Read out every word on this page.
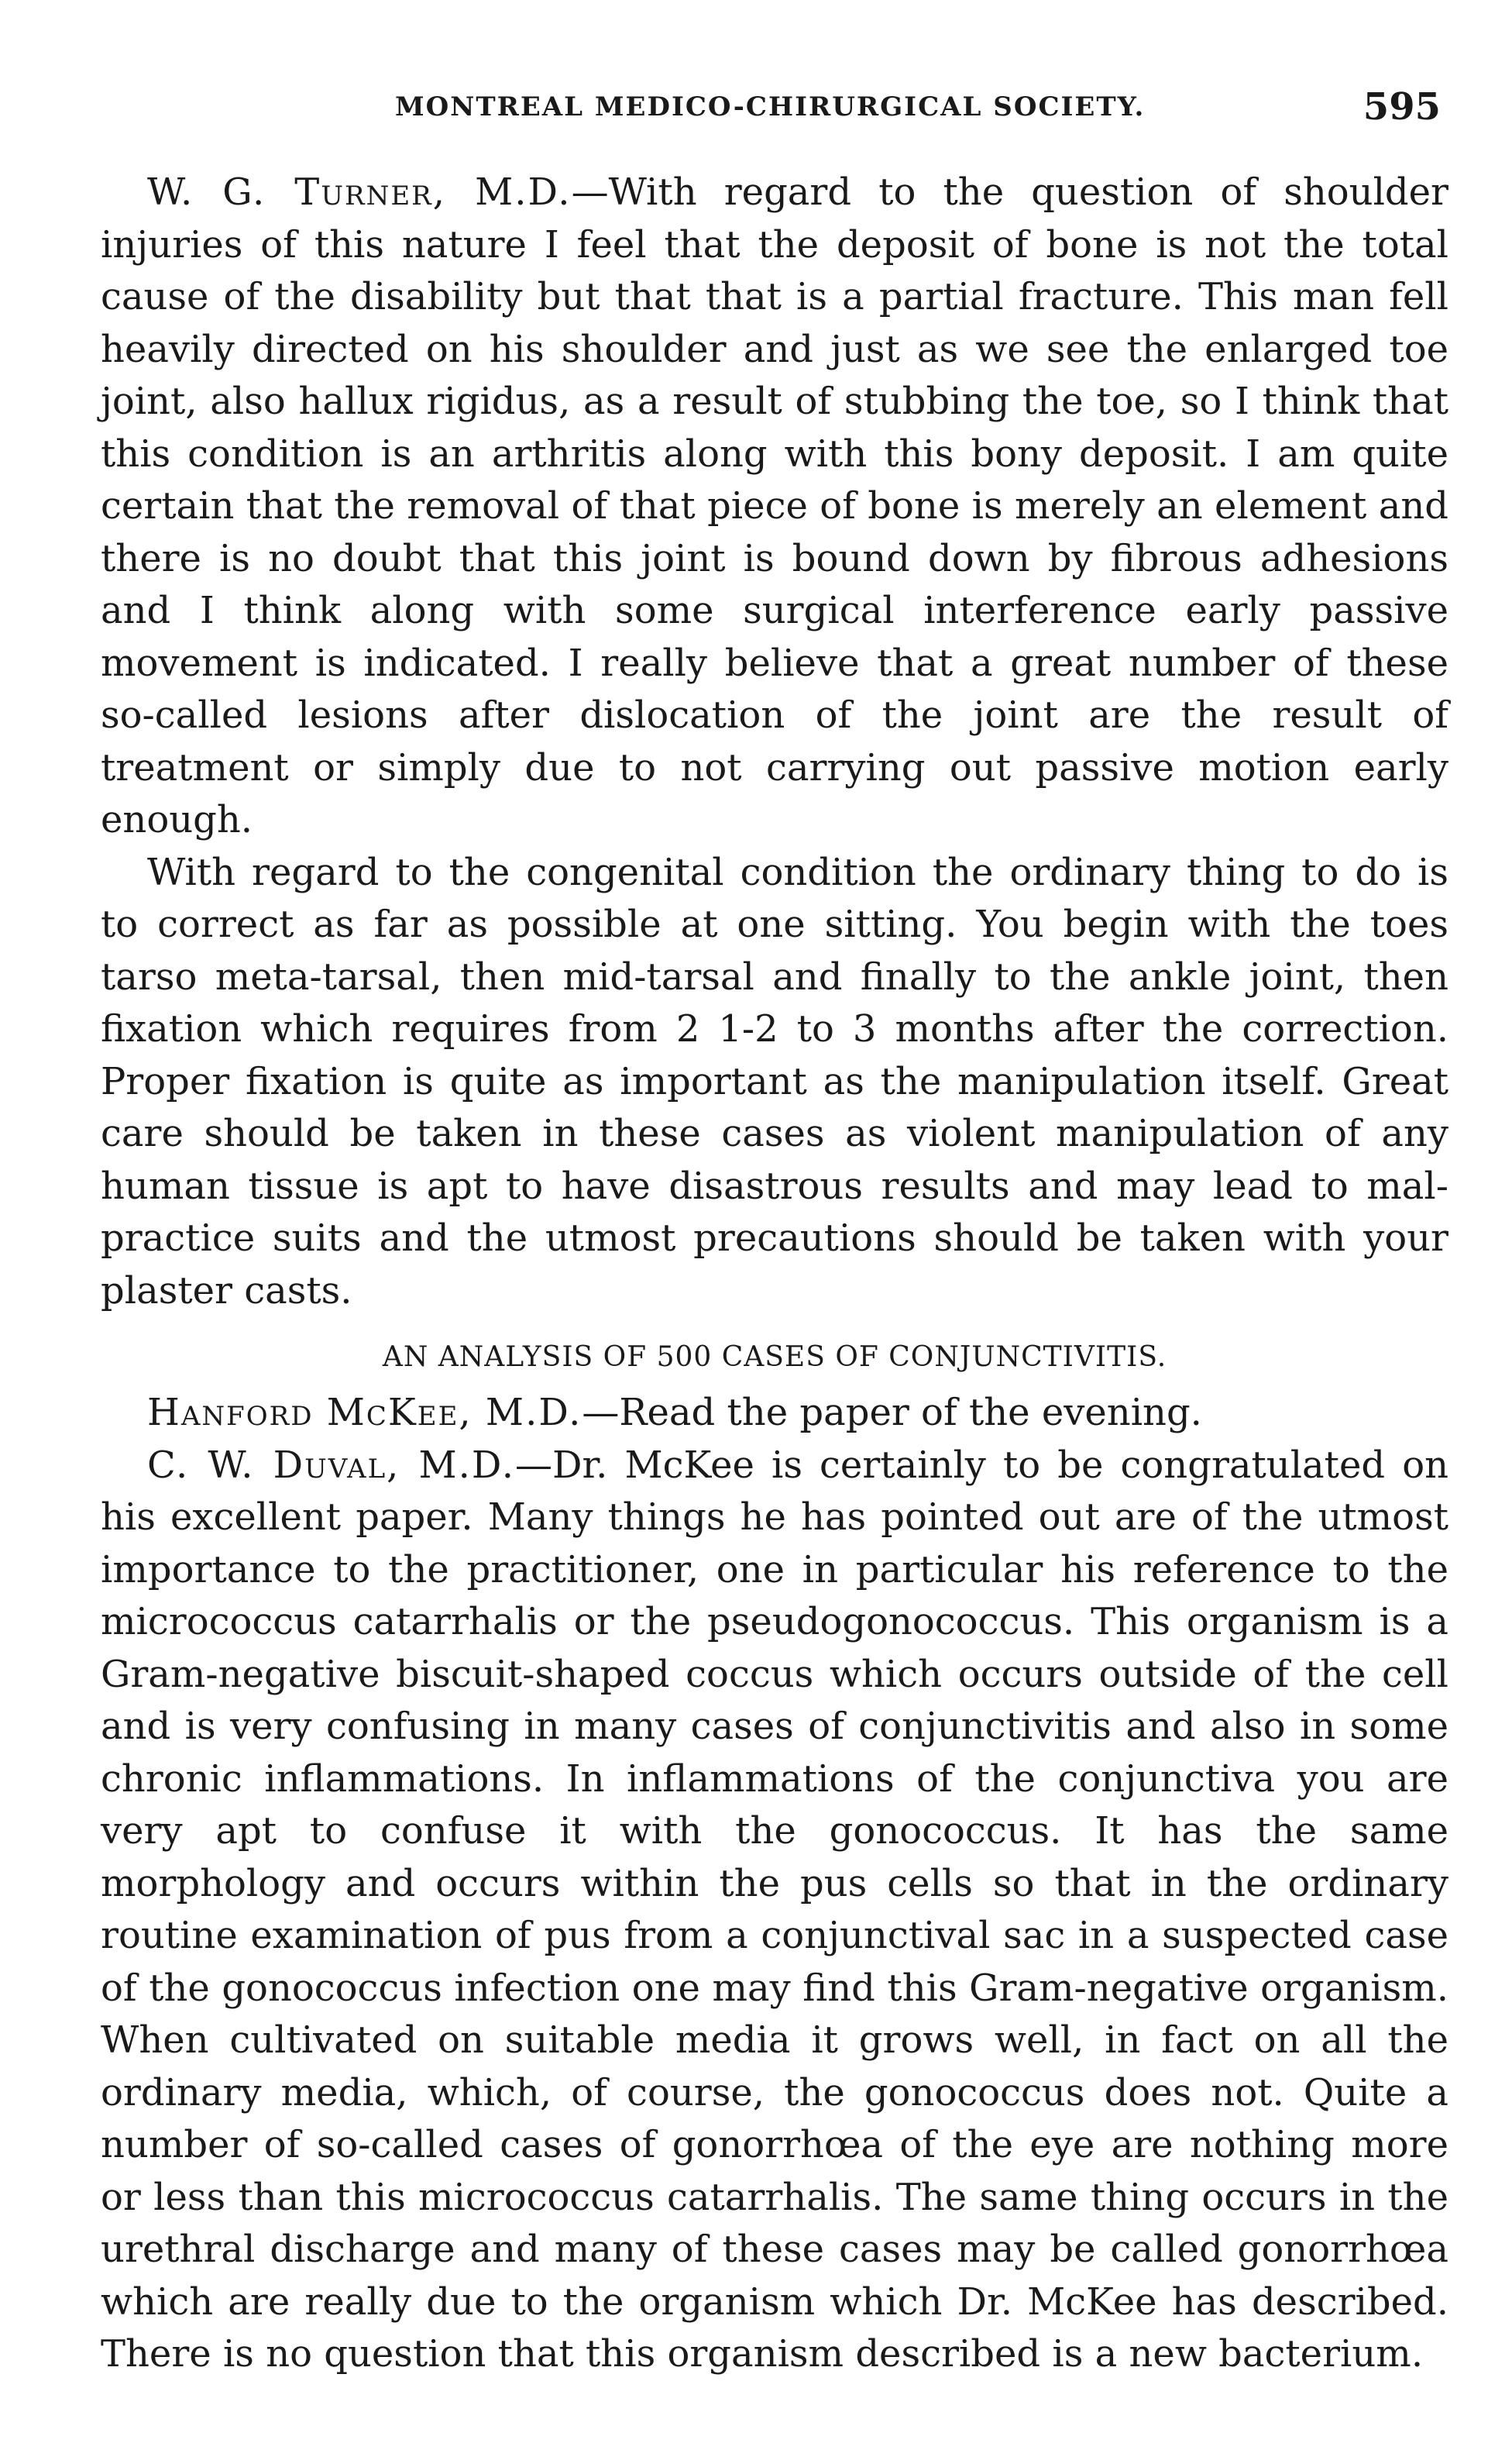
MONTREAL MEDICO-CHIRURGICAL SOCIETY.	595

W. G. Turner, M.D.—With regard to the question of shoulder injuries of this nature I feel that the deposit of bone is not the total cause of the disability but that that is a partial fracture. This man fell heavily directed on his shoulder and just as we see the enlarged toe joint, also hallux rigidus, as a result of stubbing the toe, so I think that this condition is an arthritis along with this bony deposit. I am quite certain that the removal of that piece of bone is merely an element and there is no doubt that this joint is bound down by fibrous adhesions and I think along with some surgical interference early passive movement is indicated. I really believe that a great number of these so-called lesions after dislocation of the joint are the result of treatment or simply due to not carrying out passive motion early enough.

With regard to the congenital condition the ordinary thing to do is to correct as far as possible at one sitting. You begin with the toes tarso meta-tarsal, then mid-tarsal and finally to the ankle joint, then fixation which requires from 2 1-2 to 3 months after the correction. Proper fixation is quite as important as the manipulation itself. Great care should be taken in these cases as violent manipulation of any human tissue is apt to have disastrous results and may lead to mal-practice suits and the utmost precautions should be taken with your plaster casts.

AN ANALYSIS OF 500 CASES OF CONJUNCTIVITIS.

Hanford McKee, M.D.—Read the paper of the evening.

C. W. Duval, M.D.—Dr. McKee is certainly to be congratulated on his excellent paper. Many things he has pointed out are of the utmost importance to the practitioner, one in particular his reference to the micrococcus catarrhalis or the pseudogonococcus. This organism is a Gram-negative biscuit-shaped coccus which occurs outside of the cell and is very confusing in many cases of conjunctivitis and also in some chronic inflammations. In inflammations of the conjunctiva you are very apt to confuse it with the gonococcus. It has the same morphology and occurs within the pus cells so that in the ordinary routine examination of pus from a conjunctival sac in a suspected case of the gonococcus infection one may find this Gram-negative organism. When cultivated on suitable media it grows well, in fact on all the ordinary media, which, of course, the gonococcus does not. Quite a number of so-called cases of gonorrhœa of the eye are nothing more or less than this micrococcus catarrhalis. The same thing occurs in the urethral discharge and many of these cases may be called gonorrhœa which are really due to the organism which Dr. McKee has described. There is no question that this organism described is a new bacterium.
